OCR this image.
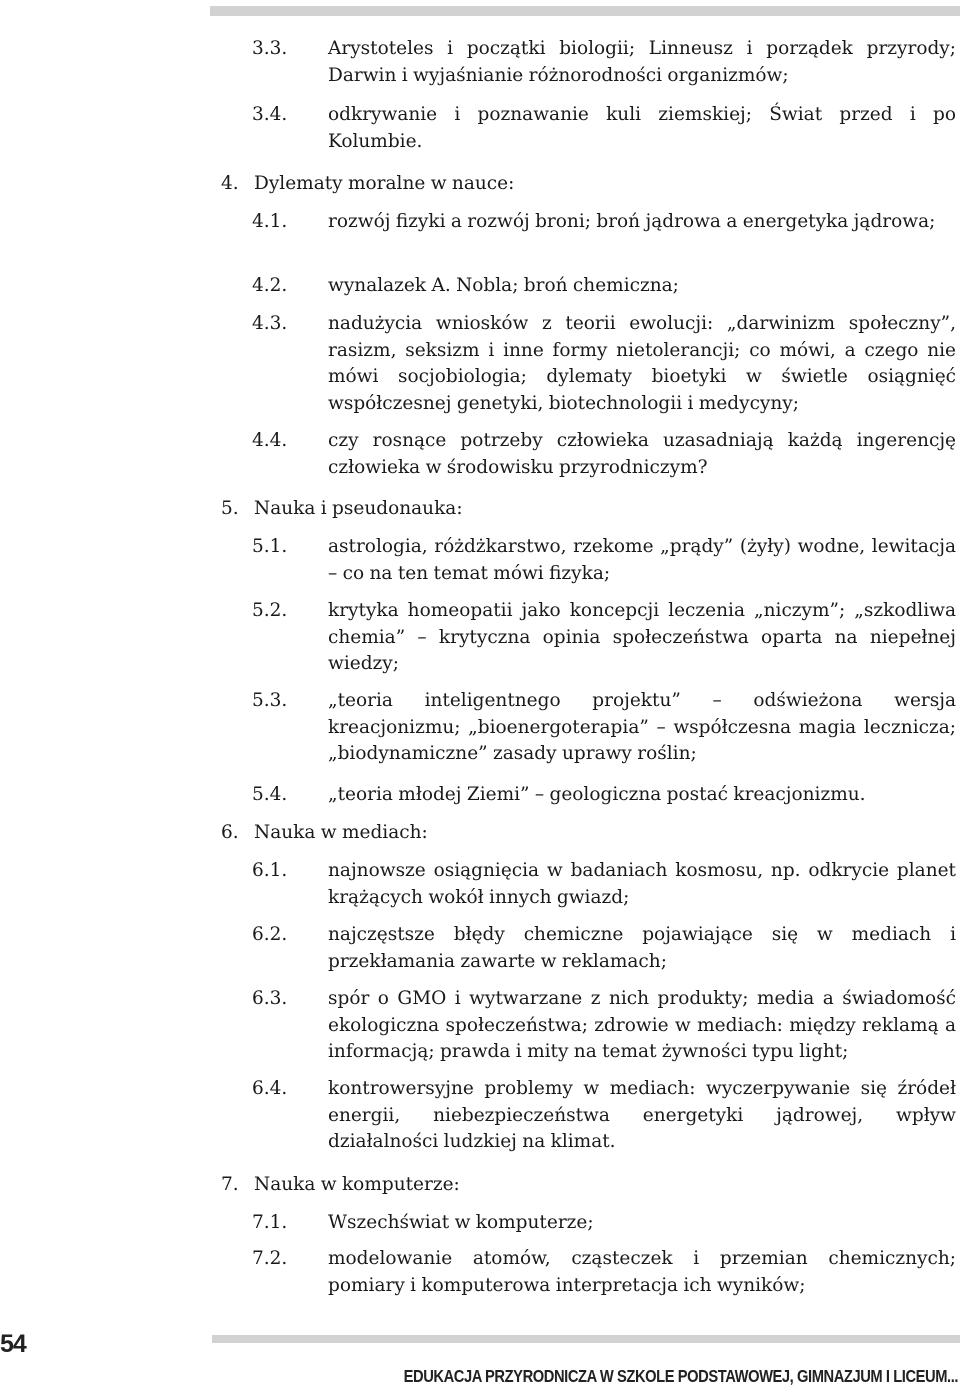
3.3. Arystoteles i początki biologii; Linneusz i porządek przyrody; Darwin i wyjaśnianie różnorodności organizmów;
3.4. odkrywanie i poznawanie kuli ziemskiej; Świat przed i po Kolumbie.
4. Dylematy moralne w nauce:
4.1. rozwój fizyki a rozwój broni; broń jądrowa a energetyka jądrowa;
4.2. wynalazek A. Nobla; broń chemiczna;
4.3. nadużycia wniosków z teorii ewolucji: „darwinizm społeczny”, rasizm, seksizm i inne formy nietolerancji; co mówi, a czego nie mówi socjobiologia; dylematy bioetyki w świetle osiągnięć współczesnej genetyki, biotechnologii i medycyny;
4.4. czy rosnące potrzeby człowieka uzasadniają każdą ingerencję człowieka w środowisku przyrodniczym?
5. Nauka i pseudonauka:
5.1. astrologia, różdżkarstwo, rzekome „prądy” (żyły) wodne, lewitacja – co na ten temat mówi fizyka;
5.2. krytyka homeopatii jako koncepcji leczenia „niczym”; „szkodliwa chemia” – krytyczna opinia społeczeństwa oparta na niepełnej wiedzy;
5.3. „teoria inteligentnego projektu” – odświeżona wersja kreacjonizmu; „bioenergoterapia” – współczesna magia lecznicza; „biodynamiczne” zasady uprawy roślin;
5.4. „teoria młodej Ziemi” – geologiczna postać kreacjonizmu.
6. Nauka w mediach:
6.1. najnowsze osiągnięcia w badaniach kosmosu, np. odkrycie planet krążących wokół innych gwiazd;
6.2. najczęstsze błędy chemiczne pojawiające się w mediach i przekłamania zawarte w reklamach;
6.3. spór o GMO i wytwarzane z nich produkty; media a świadomość ekologiczna społeczeństwa; zdrowie w mediach: między reklamą a informacją; prawda i mity na temat żywności typu light;
6.4. kontrowersyjne problemy w mediach: wyczerpywanie się źródeł energii, niebezpieczeństwa energetyki jądrowej, wpływ działalności ludzkiej na klimat.
7. Nauka w komputerze:
7.1. Wszechświat w komputerze;
7.2. modelowanie atomów, cząsteczek i przemian chemicznych; pomiary i komputerowa interpretacja ich wyników;
54
EDUKACJA PRZYRODNICZA W SZKOLE PODSTAWOWEJ, GIMNAZJUM I LICEUM...
